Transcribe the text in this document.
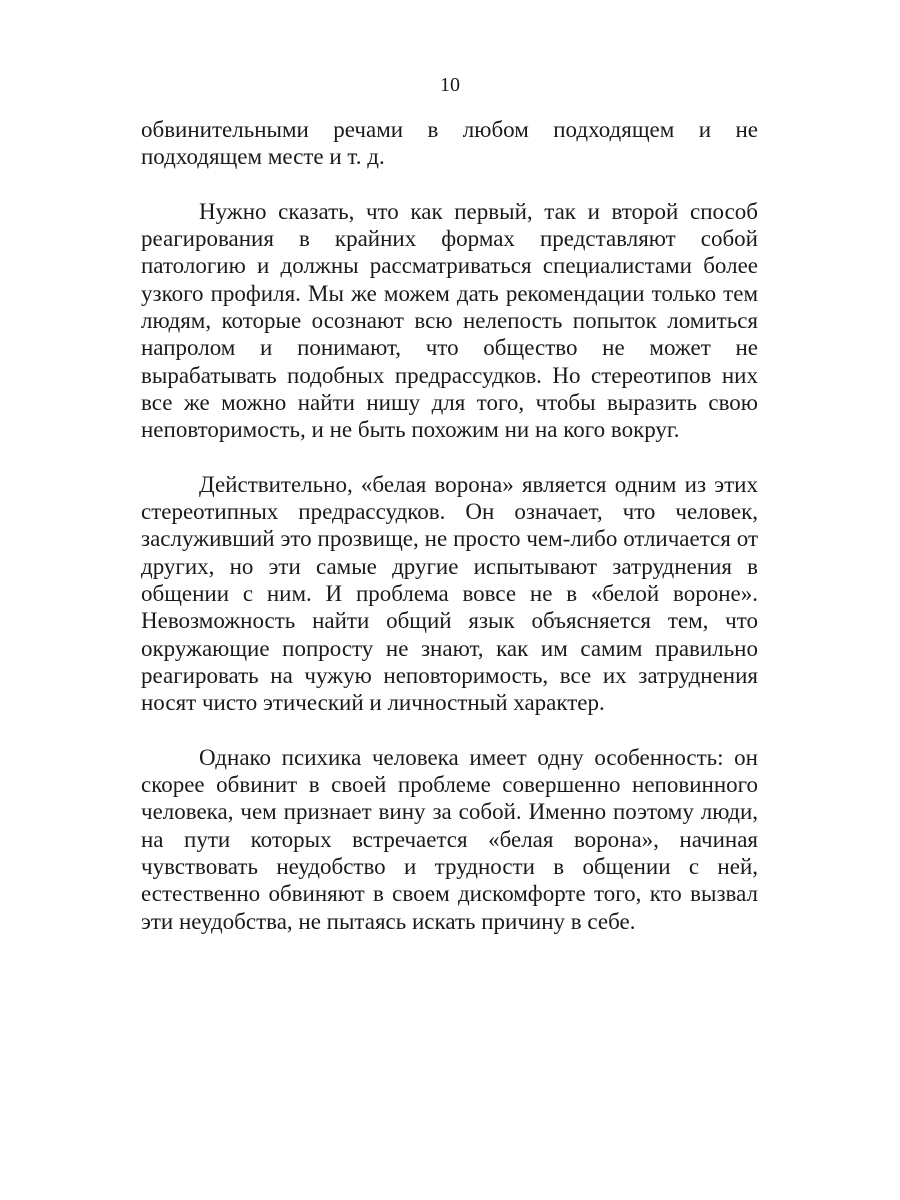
10

обвинительными речами в любом подходящем и не подходящем месте и т. д.

Нужно сказать, что как первый, так и второй способ реагирования в крайних формах представляют собой патологию и должны рассматриваться специалистами более узкого профиля. Мы же можем дать рекомендации только тем людям, которые осознают всю нелепость попыток ломиться напролом и понимают, что общество не может не вырабатывать подобных предрассудков. Но стереотипов них все же можно найти нишу для того, чтобы выразить свою неповторимость, и не быть похожим ни на кого вокруг.

Действительно, «белая ворона» является одним из этих стереотипных предрассудков. Он означает, что человек, заслуживший это прозвище, не просто чем-либо отличается от других, но эти самые другие испытывают затруднения в общении с ним. И проблема вовсе не в «белой вороне». Невозможность найти общий язык объясняется тем, что окружающие попросту не знают, как им самим правильно реагировать на чужую неповторимость, все их затруднения носят чисто этический и личностный характер.

Однако психика человека имеет одну особенность: он скорее обвинит в своей проблеме совершенно неповинного человека, чем признает вину за собой. Именно поэтому люди, на пути которых встречается «белая ворона», начиная чувствовать неудобство и трудности в общении с ней, естественно обвиняют в своем дискомфорте того, кто вызвал эти неудобства, не пытаясь искать причину в себе.
